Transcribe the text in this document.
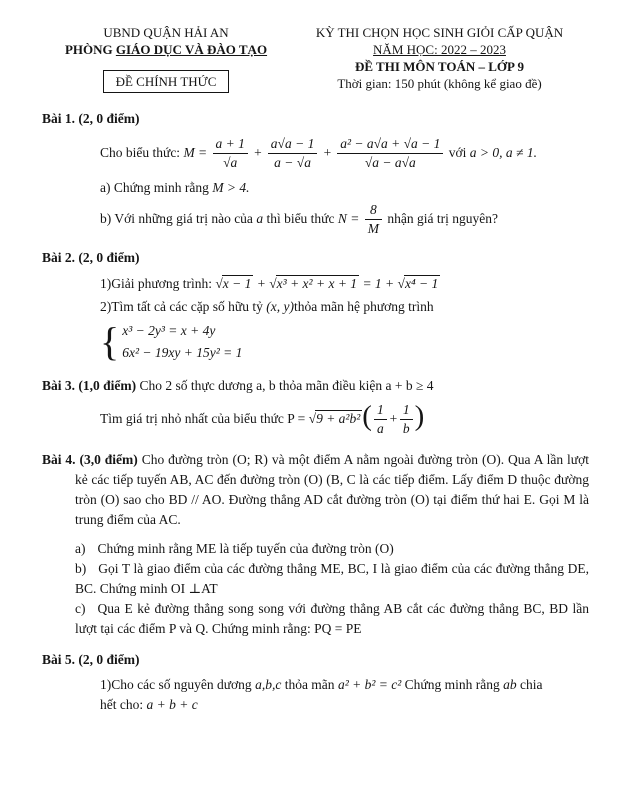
UBND QUẬN HẢI AN
PHÒNG GIÁO DỤC VÀ ĐÀO TẠO
ĐỀ CHÍNH THỨC
KỲ THI CHỌN HỌC SINH GIỎI CẤP QUẬN
NĂM HỌC: 2022 – 2023
ĐỀ THI MÔN TOÁN – LỚP 9
Thời gian: 150 phút (không kể giao đề)
Bài 1. (2, 0 điểm)
Cho biểu thức: $M = \frac{a + 1}{√a} + \frac{a√a - 1}{a - √a} + \frac{\text{a² − a√a + √a − 1}}{√a - a√a}$ với a > 0, a ≠ 1.
a) Chứng minh rằng M > 4.
b) Với những giá trị nào của a thì biểu thức $N = \frac{8}{M}$ nhận giá trị nguyên?
Bài 2. (2, 0 điểm)
1)Giải phương trình: √ x − 1 + √ x³ + x² + x + 1 = 1 + √ x⁴ − 1
2)Tìm tất cả các cặp số hữu tỷ (x, y)thỏa mãn hệ phương trình
{ x³ − 2y³ = x + 4y
6x² − 19xy + 15y² = 1
Bài 3. (1,0 điểm) Cho 2 số thực dương a, b thỏa mãn điều kiện a + b ≥ 4
Tìm giá trị nhỏ nhất của biểu thức P = √ $9 + a^2b^2( \frac{1}{a} + \frac{1}{b}$ )
Bài 4. (3,0 điểm) Cho đường tròn (O; R) và một điểm A nằm ngoài đường tròn (O). Qua A lần lượt kẻ các tiếp tuyến AB, AC đến đường tròn (O) (B, C là các tiếp điểm. Lấy điểm D thuộc đường tròn (O) sao cho BD // AO. Đường thẳng AD cắt đường tròn (O) tại điểm thứ hai E. Gọi M là trung điểm của AC.
a) Chứng minh rằng ME là tiếp tuyến của đường tròn (O)
b) Gọi T là giao điểm của các đường thẳng ME, BC, I là giao điểm của các đường thẳng DE, BC. Chứng minh OI ⊥AT
c) Qua E kẻ đường thẳng song song với đường thẳng AB cắt các đường thẳng BC, BD lần lượt tại các điểm P và Q. Chứng minh rằng: PQ = PE
Bài 5. (2, 0 điểm)
1)Cho các số nguyên dương a,b,c thỏa mãn a² + b² = c² Chứng minh rằng ab chia
hết cho: a + b + c
